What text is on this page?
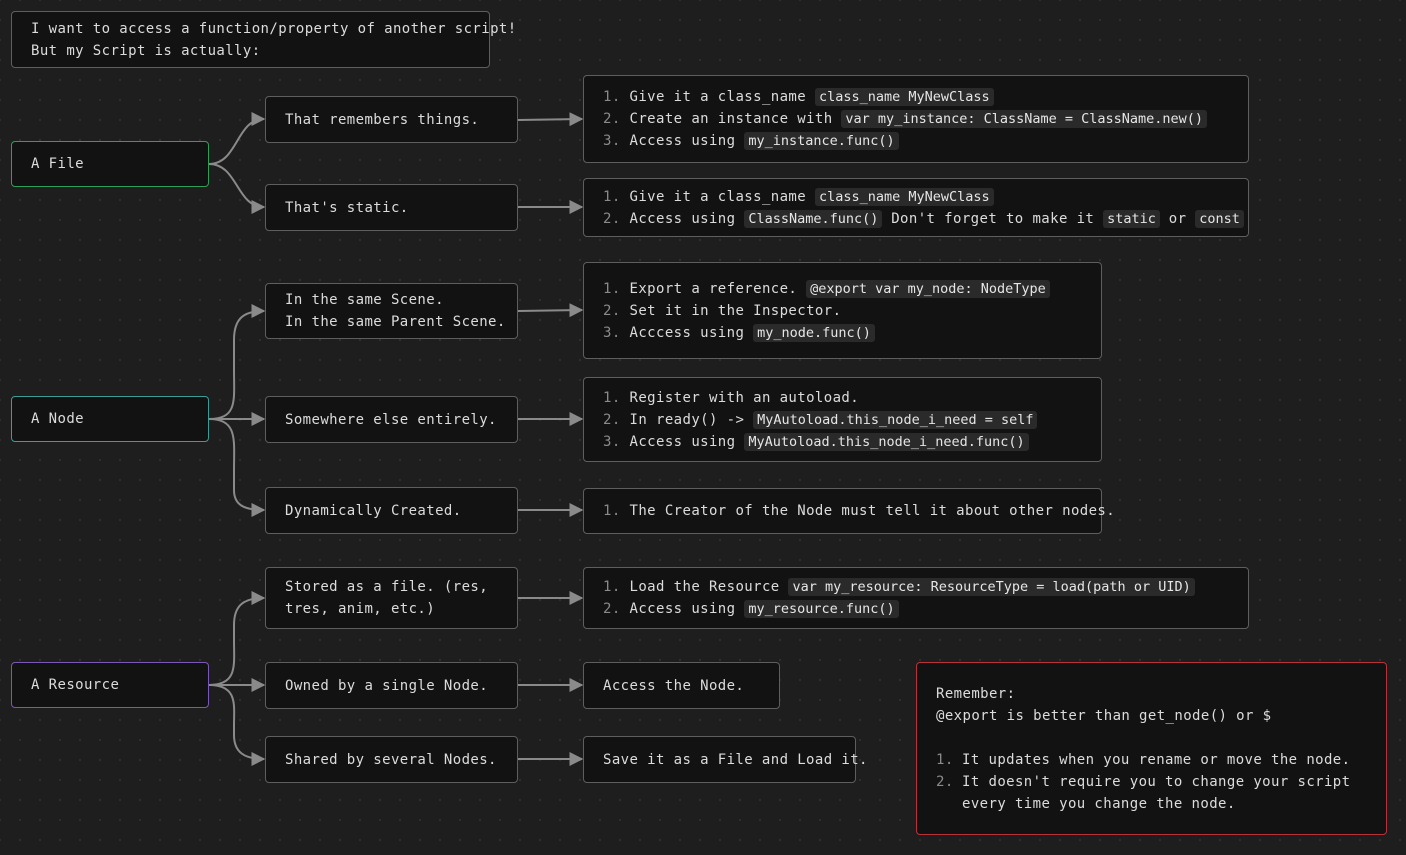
I want to access a function/property of another script!
But my Script is actually:
A File
A Node
A Resource
That remembers things.
That's static.
1. Give it a class_name class_name MyNewClass
2. Create an instance with var my_instance: ClassName = ClassName.new()
3. Access using my_instance.func()
1. Give it a class_name class_name MyNewClass
2. Access using ClassName.func() Don't forget to make it static or const
In the same Scene.
In the same Parent Scene.
Somewhere else entirely.
Dynamically Created.
1. Export a reference. @export var my_node: NodeType
2. Set it in the Inspector.
3. Acccess using my_node.func()
1. Register with an autoload.
2. In ready() -> MyAutoload.this_node_i_need = self
3. Access using MyAutoload.this_node_i_need.func()
1. The Creator of the Node must tell it about other nodes.
Stored as a file. (res,
tres, anim, etc.)
Owned by a single Node.
Shared by several Nodes.
1. Load the Resource var my_resource: ResourceType = load(path or UID)
2. Access using my_resource.func()
Access the Node.
Save it as a File and Load it.
Remember:
@export is better than get_node() or $
1. It updates when you rename or move the node.
2. It doesn't require you to change your script every time you change the node.
